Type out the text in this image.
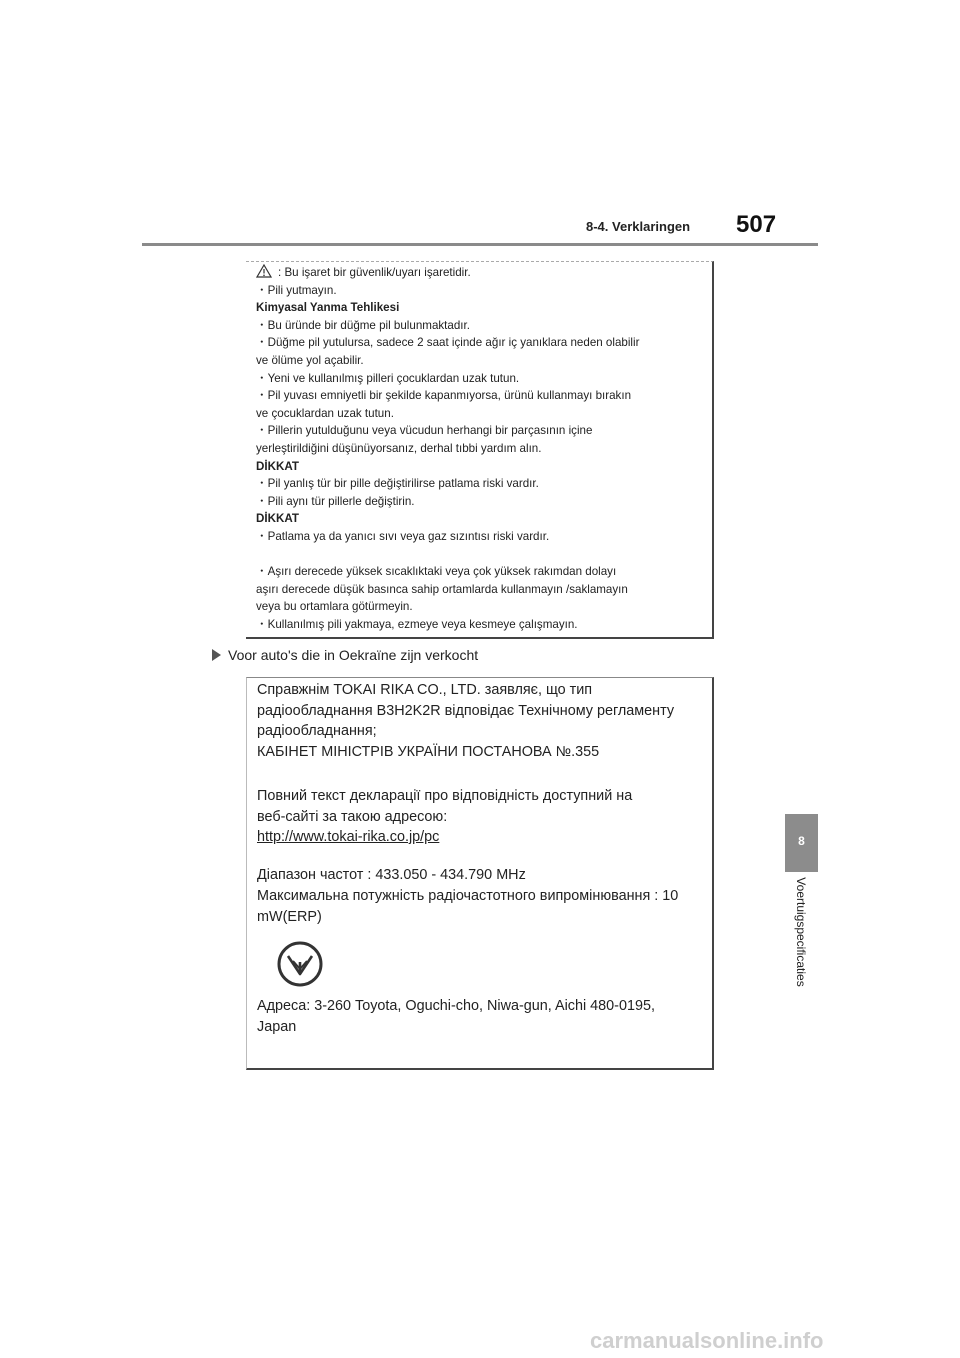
8-4. Verklaringen 507
: Bu işaret bir güvenlik/uyarı işaretidir.
・Pili yutmayın.
Kimyasal Yanma Tehlikesi
・Bu üründe bir düğme pil bulunmaktadır.
・Düğme pil yutulursa, sadece 2 saat içinde ağır iç yanıklara neden olabilir
ve ölüme yol açabilir.
・Yeni ve kullanılmış pilleri çocuklardan uzak tutun.
・Pil yuvası emniyetli bir şekilde kapanmıyorsa, ürünü kullanmayı bırakın
ve çocuklardan uzak tutun.
・Pillerin yutulduğunu veya vücudun herhangi bir parçasının içine
yerleştirildiğini düşünüyorsanız, derhal tıbbi yardım alın.
DİKKAT
・Pil yanlış tür bir pille değiştirilirse patlama riski vardır.
・Pili aynı tür pillerle değiştirin.
DİKKAT
・Patlama ya da yanıcı sıvı veya gaz sızıntısı riski vardır.
・Aşırı derecede yüksek sıcaklıktaki veya çok yüksek rakımdan dolayı
aşırı derecede düşük basınca sahip ortamlarda kullanmayın /saklamayın
veya bu ortamlara götürmeyin.
・Kullanılmış pili yakmaya, ezmeye veya kesmeye çalışmayın.
Voor auto's die in Oekraïne zijn verkocht
Справжнім TOKAI RIKA CO., LTD. заявляє, що тип
радіообладнання B3H2K2R відповідає Технічному регламенту
радіообладнання;
КАБІНЕТ МІНІСТРІВ УКРАЇНИ ПОСТАНОВА №.355
Повний текст декларації про відповідність доступний на
веб-сайті за такою адресою:
http://www.tokai-rika.co.jp/pc
Діапазон частот : 433.050 - 434.790 MHz
Максимальна потужність радіочастотного випромінювання : 10
mW(ERP)
Адреса: 3-260 Toyota, Oguchi-cho, Niwa-gun, Aichi 480-0195,
Japan
8
Voertuigspecificaties
carmanualsonline.info
